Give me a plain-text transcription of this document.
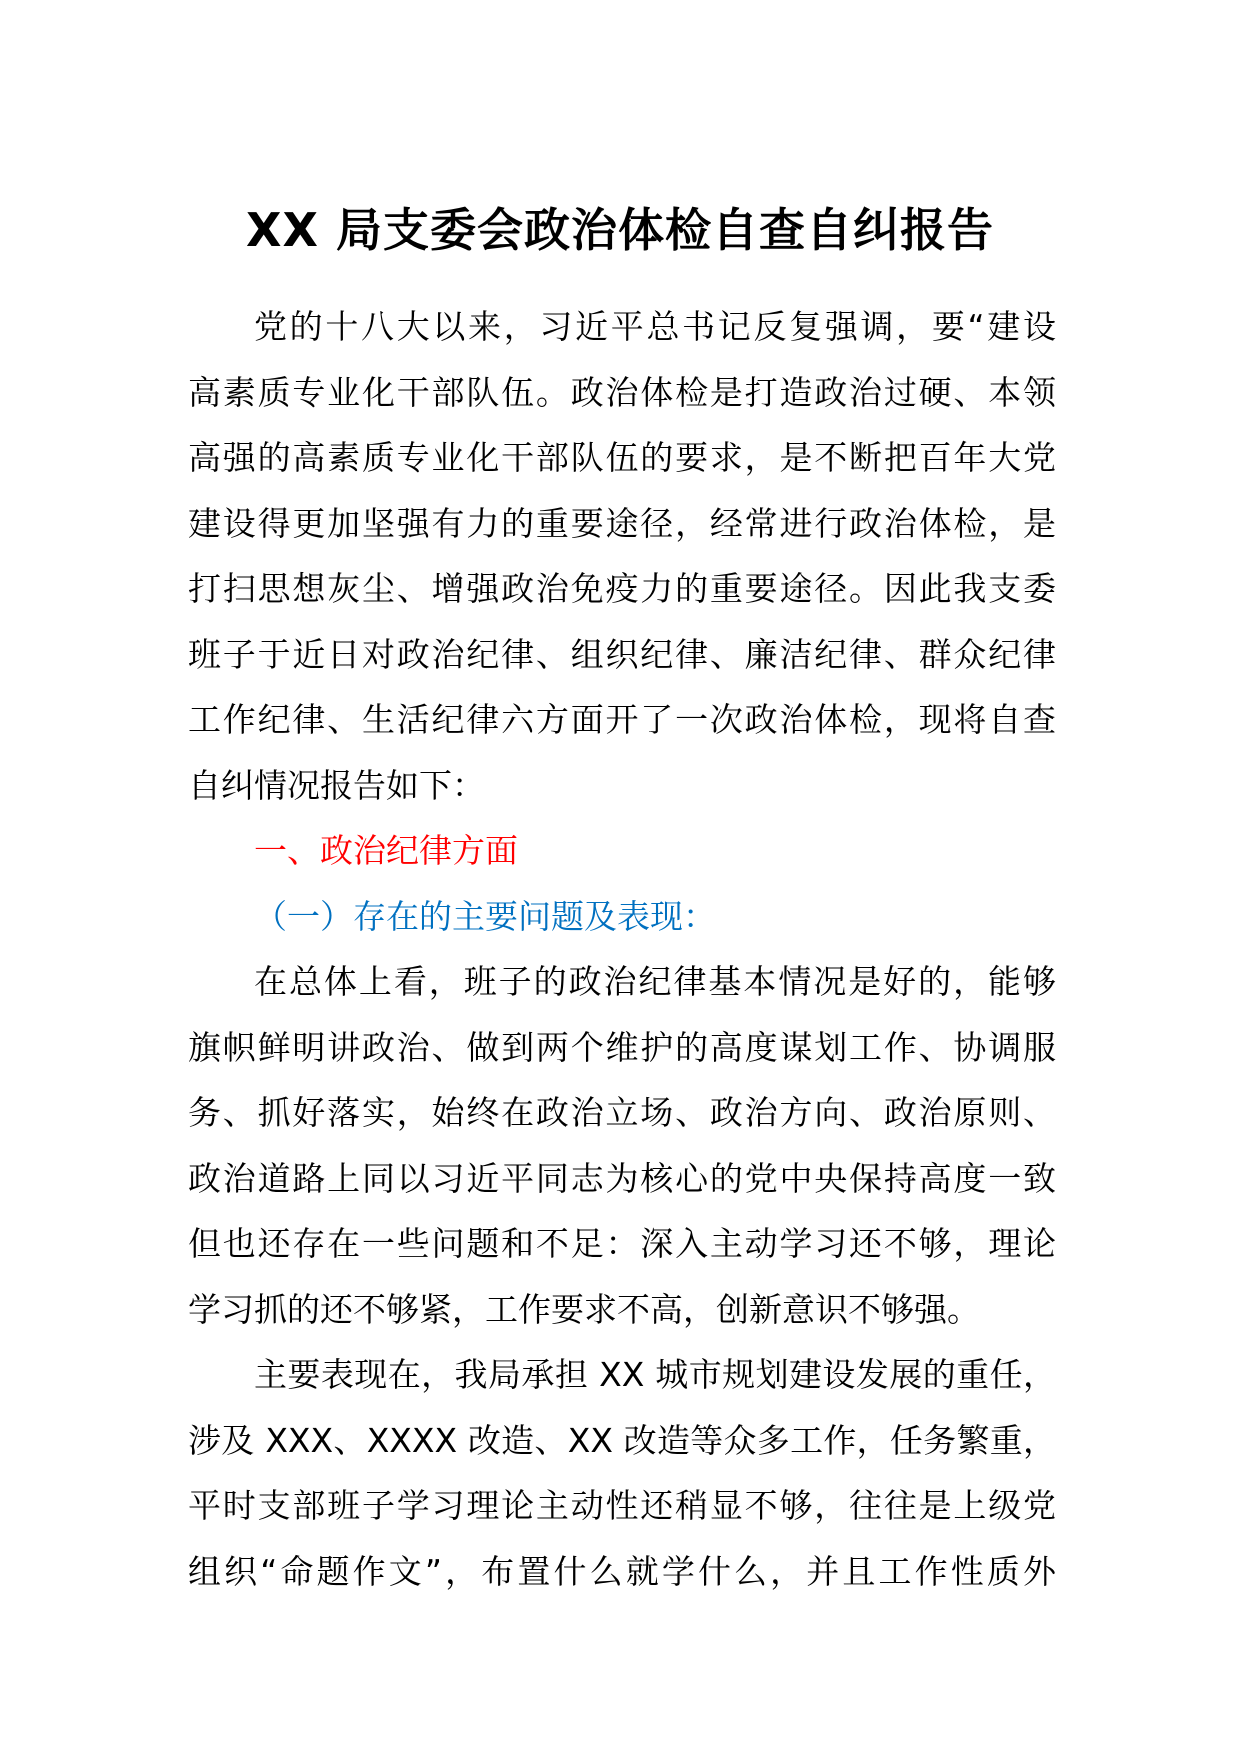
XX 局支委会政治体检自查自纠报告
党的十八大以来，习近平总书记反复强调，要“建设
高素质专业化干部队伍。政治体检是打造政治过硬、本领
高强的高素质专业化干部队伍的要求，是不断把百年大党
建设得更加坚强有力的重要途径，经常进行政治体检，是
打扫思想灰尘、增强政治免疫力的重要途径。因此我支委
班子于近日对政治纪律、组织纪律、廉洁纪律、群众纪律
工作纪律、生活纪律六方面开了一次政治体检，现将自查
自纠情况报告如下：
一、政治纪律方面
（一）存在的主要问题及表现：
在总体上看，班子的政治纪律基本情况是好的，能够
旗帜鲜明讲政治、做到两个维护的高度谋划工作、协调服
务、抓好落实，始终在政治立场、政治方向、政治原则、
政治道路上同以习近平同志为核心的党中央保持高度一致
但也还存在一些问题和不足：深入主动学习还不够，理论
学习抓的还不够紧，工作要求不高，创新意识不够强。
主要表现在，我局承担 XX 城市规划建设发展的重任，
涉及 XXX、XXXX 改造、XX 改造等众多工作，任务繁重，
平时支部班子学习理论主动性还稍显不够，往往是上级党
组织“命题作文”，布置什么就学什么，并且工作性质外
